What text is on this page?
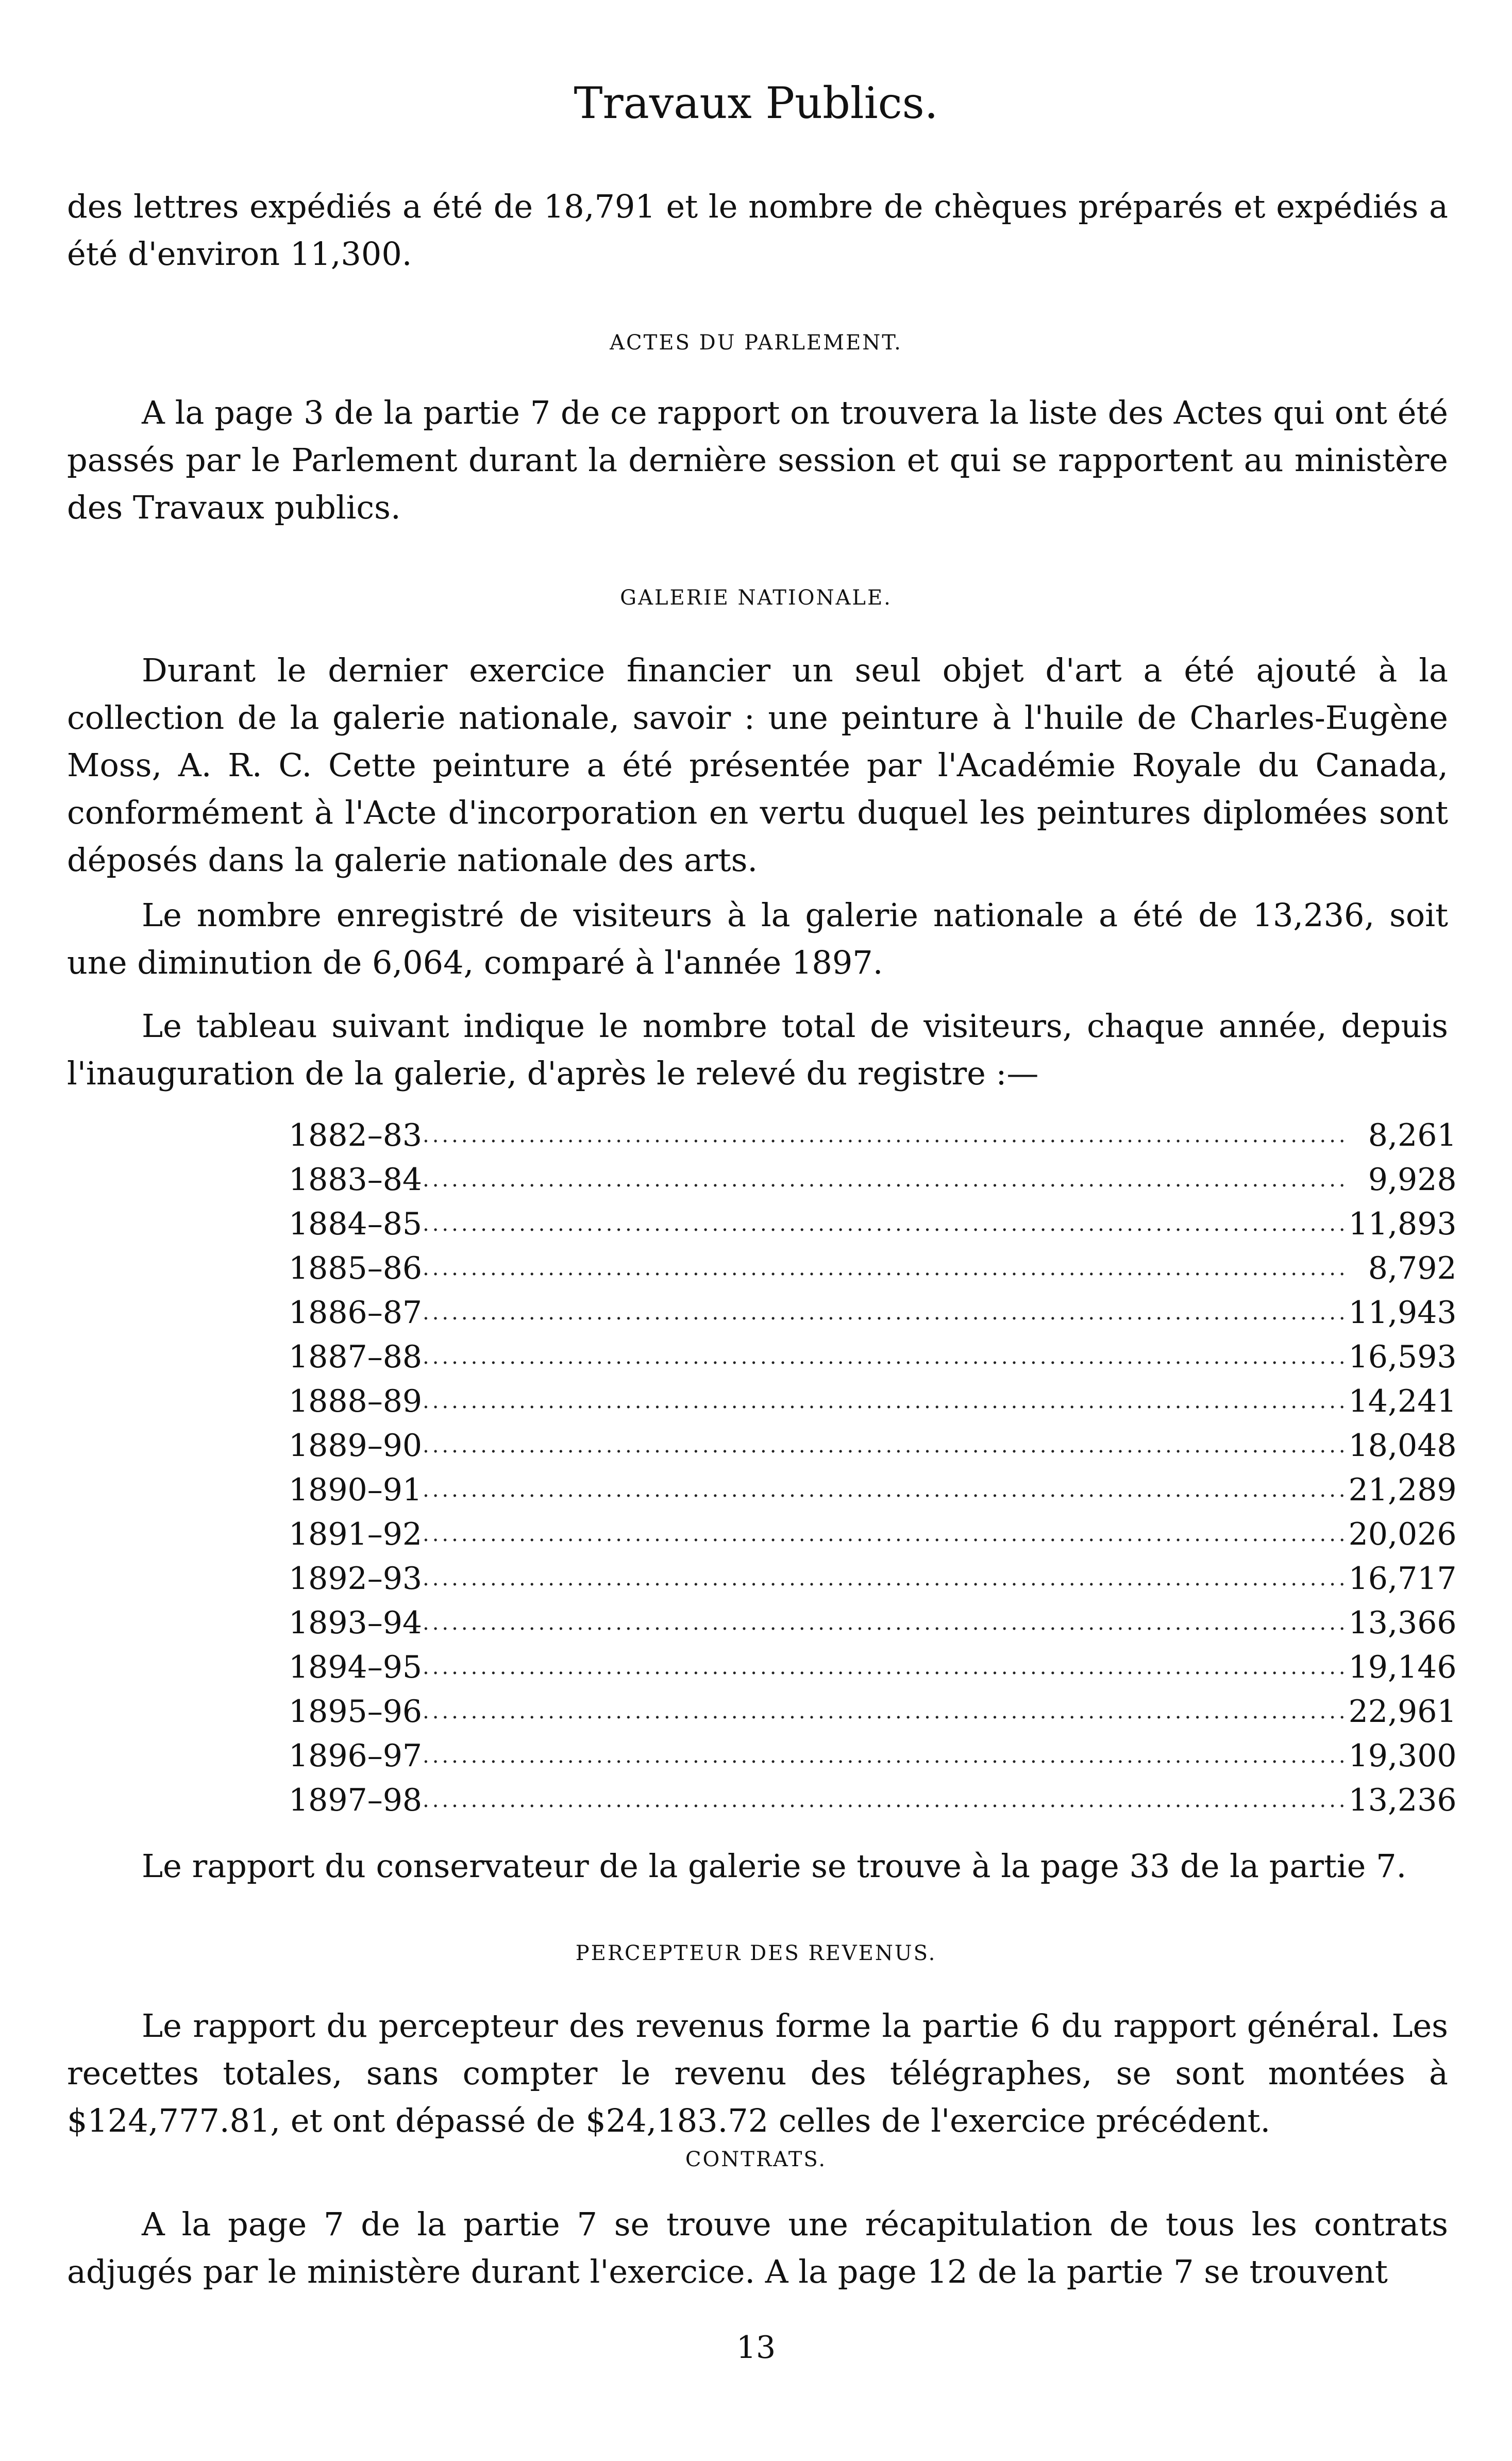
Travaux Publics.

des lettres expédiés a été de 18,791 et le nombre de chèques préparés et expédiés a été d'environ 11,300.

ACTES DU PARLEMENT.

A la page 3 de la partie 7 de ce rapport on trouvera la liste des Actes qui ont été passés par le Parlement durant la dernière session et qui se rapportent au ministère des Travaux publics.

GALERIE NATIONALE.

Durant le dernier exercice financier un seul objet d'art a été ajouté à la collection de la galerie nationale, savoir : une peinture à l'huile de Charles-Eugène Moss, A. R. C. Cette peinture a été présentée par l'Académie Royale du Canada, conformément à l'Acte d'incorporation en vertu duquel les peintures diplomées sont déposés dans la galerie nationale des arts.

Le nombre enregistré de visiteurs à la galerie nationale a été de 13,236, soit une diminution de 6,064, comparé à l'année 1897.

Le tableau suivant indique le nombre total de visiteurs, chaque année, depuis l'inauguration de la galerie, d'après le relevé du registre :—

1882–83	................................................................................................	8,261
1883–84	................................................................................................	9,928
1884–85	................................................................................................	11,893
1885–86	................................................................................................	8,792
1886–87	................................................................................................	11,943
1887–88	................................................................................................	16,593
1888–89	................................................................................................	14,241
1889–90	................................................................................................	18,048
1890–91	................................................................................................	21,289
1891–92	................................................................................................	20,026
1892–93	................................................................................................	16,717
1893–94	................................................................................................	13,366
1894–95	................................................................................................	19,146
1895–96	................................................................................................	22,961
1896–97	................................................................................................	19,300
1897–98	................................................................................................	13,236

Le rapport du conservateur de la galerie se trouve à la page 33 de la partie 7.

PERCEPTEUR DES REVENUS.

Le rapport du percepteur des revenus forme la partie 6 du rapport général. Les recettes totales, sans compter le revenu des télégraphes, se sont montées à $124,777.81, et ont dépassé de $24,183.72 celles de l'exercice précédent.

CONTRATS.

A la page 7 de la partie 7 se trouve une récapitulation de tous les contrats adjugés par le ministère durant l'exercice. A la page 12 de la partie 7 se trouvent

13
